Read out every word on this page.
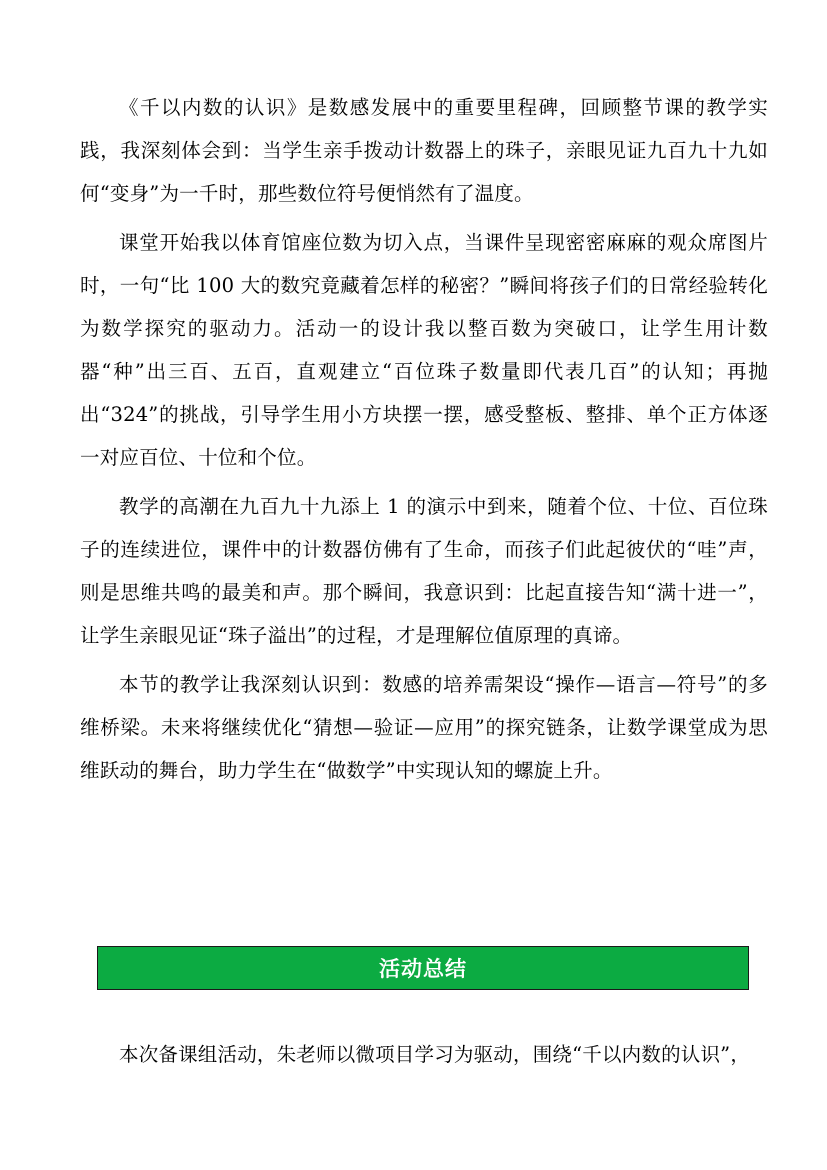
《千以内数的认识》是数感发展中的重要里程碑，回顾整节课的教学实践，我深刻体会到：当学生亲手拨动计数器上的珠子，亲眼见证九百九十九如何“变身”为一千时，那些数位符号便悄然有了温度。

课堂开始我以体育馆座位数为切入点，当课件呈现密密麻麻的观众席图片时，一句“比 100 大的数究竟藏着怎样的秘密？”瞬间将孩子们的日常经验转化为数学探究的驱动力。活动一的设计我以整百数为突破口，让学生用计数器“种”出三百、五百，直观建立“百位珠子数量即代表几百”的认知；再抛出“324”的挑战，引导学生用小方块摆一摆，感受整板、整排、单个正方体逐一对应百位、十位和个位。

教学的高潮在九百九十九添上 1 的演示中到来，随着个位、十位、百位珠子的连续进位，课件中的计数器仿佛有了生命，而孩子们此起彼伏的“哇”声，则是思维共鸣的最美和声。那个瞬间，我意识到：比起直接告知“满十进一”，让学生亲眼见证“珠子溢出”的过程，才是理解位值原理的真谛。

本节的教学让我深刻认识到：数感的培养需架设“操作—语言—符号”的多维桥梁。未来将继续优化“猜想—验证—应用”的探究链条，让数学课堂成为思维跃动的舞台，助力学生在“做数学”中实现认知的螺旋上升。

活动总结

本次备课组活动，朱老师以微项目学习为驱动，围绕“千以内数的认识”，
